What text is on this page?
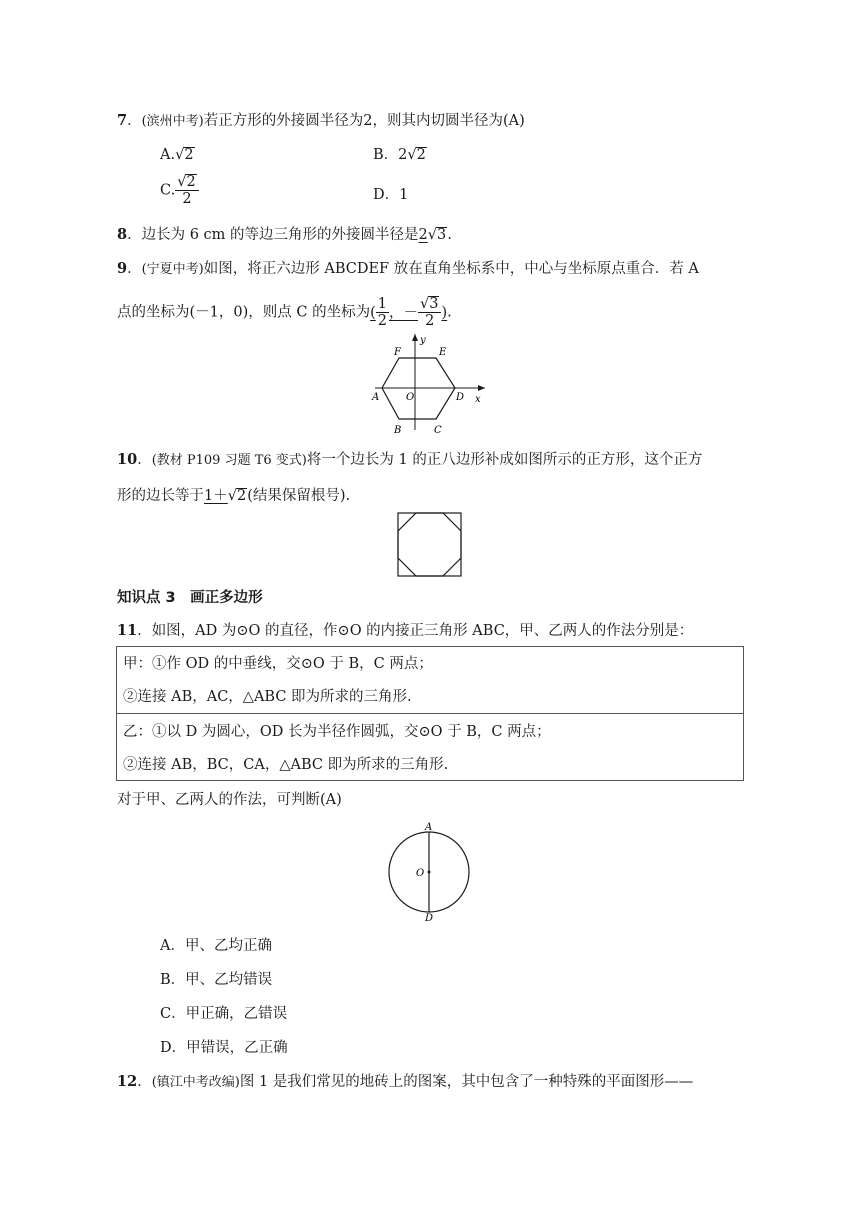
7．(滨州中考)若正方形的外接圆半径为2，则其内切圆半径为(A)
A.√2	B．2√2
C. $\frac{√2}{2}$	D．1
8．边长为 6 cm 的等边三角形的外接圆半径是2√3.
9．(宁夏中考)如图，将正六边形 ABCDEF 放在直角坐标系中，中心与坐标原点重合．若 A
点的坐标为(－1，0)，则点 C 的坐标为( $\frac{1}{2}$ ，－ $\frac{√3}{2}$ ).
y
x
O
A
B	C
D
E
F
10．(教材 P109 习题 T6 变式)将一个边长为 1 的正八边形补成如图所示的正方形，这个正方
形的边长等于1＋√2(结果保留根号).
知识点 3　画正多边形
11．如图，AD 为⊙O 的直径，作⊙O 的内接正三角形 ABC，甲、乙两人的作法分别是：
甲：①作 OD 的中垂线，交⊙O 于 B，C 两点；
②连接 AB，AC，△ABC 即为所求的三角形.
乙：①以 D 为圆心，OD 长为半径作圆弧，交⊙O 于 B，C 两点；
②连接 AB，BC，CA，△ABC 即为所求的三角形.
对于甲、乙两人的作法，可判断(A)
A
O
D
A．甲、乙均正确
B．甲、乙均错误
C．甲正确，乙错误
D．甲错误，乙正确
12．(镇江中考改编)图 1 是我们常见的地砖上的图案，其中包含了一种特殊的平面图形——
